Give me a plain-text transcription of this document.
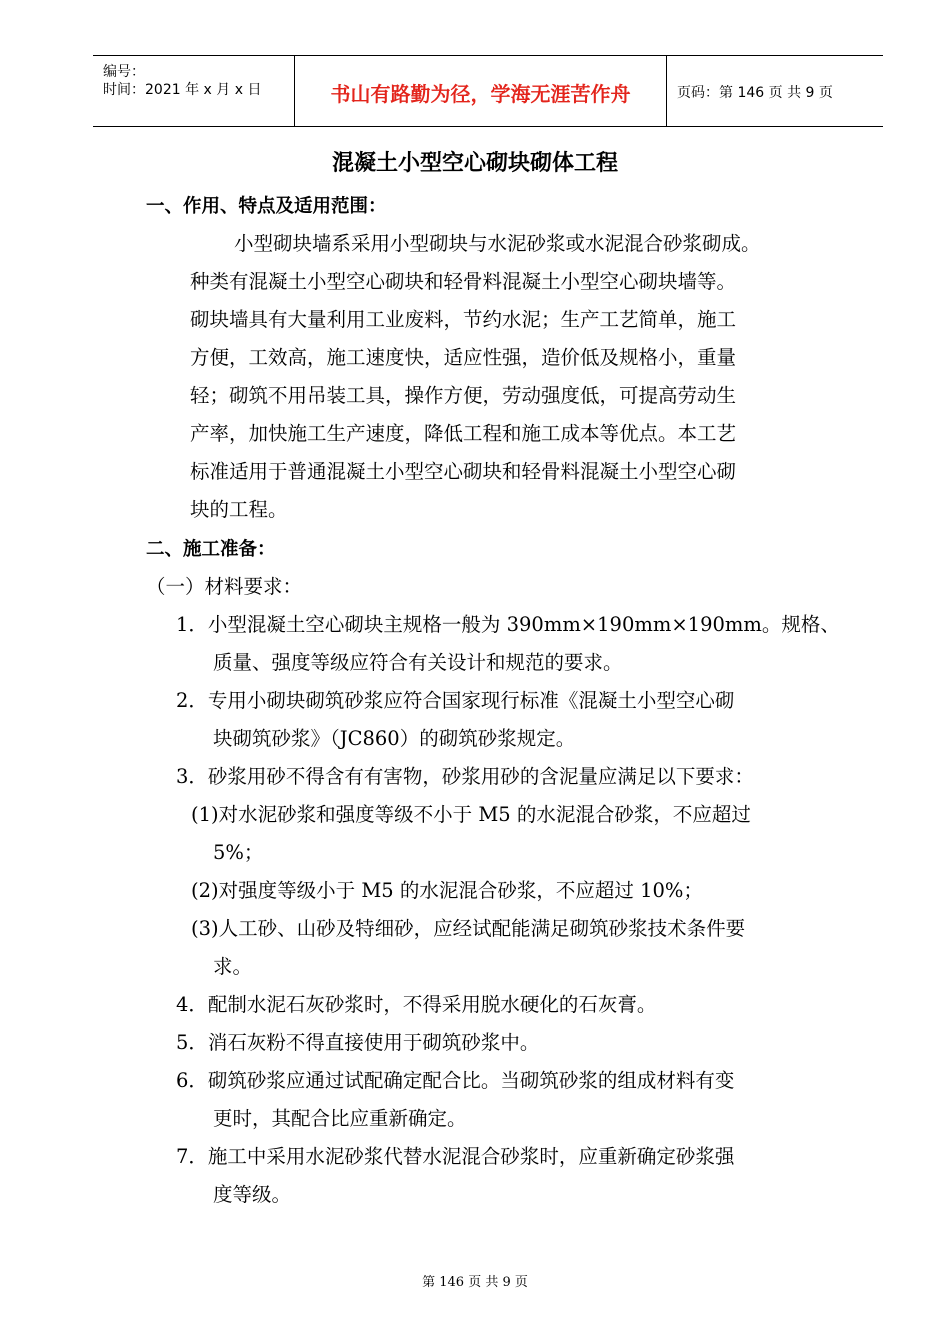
编号：
时间：2021 年 x 月 x 日	书山有路勤为径，学海无涯苦作舟	页码：第 146 页 共 9 页
混凝土小型空心砌块砌体工程
一、作用、特点及适用范围：
小型砌块墙系采用小型砌块与水泥砂浆或水泥混合砂浆砌成。
种类有混凝土小型空心砌块和轻骨料混凝土小型空心砌块墙等。
砌块墙具有大量利用工业废料，节约水泥；生产工艺简单，施工
方便，工效高，施工速度快，适应性强，造价低及规格小，重量
轻；砌筑不用吊装工具，操作方便，劳动强度低，可提高劳动生
产率，加快施工生产速度，降低工程和施工成本等优点。本工艺
标准适用于普通混凝土小型空心砌块和轻骨料混凝土小型空心砌
块的工程。
二、施工准备：
（一）材料要求：
1．小型混凝土空心砌块主规格一般为 390mm×190mm×190mm。规格、
质量、强度等级应符合有关设计和规范的要求。
2．专用小砌块砌筑砂浆应符合国家现行标准《混凝土小型空心砌
块砌筑砂浆》（JC860）的砌筑砂浆规定。
3．砂浆用砂不得含有有害物，砂浆用砂的含泥量应满足以下要求：
(1)对水泥砂浆和强度等级不小于 M5 的水泥混合砂浆，不应超过
5%；
(2)对强度等级小于 M5 的水泥混合砂浆，不应超过 10%；
(3)人工砂、山砂及特细砂，应经试配能满足砌筑砂浆技术条件要
求。
4．配制水泥石灰砂浆时，不得采用脱水硬化的石灰膏。
5．消石灰粉不得直接使用于砌筑砂浆中。
6．砌筑砂浆应通过试配确定配合比。当砌筑砂浆的组成材料有变
更时，其配合比应重新确定。
7．施工中采用水泥砂浆代替水泥混合砂浆时，应重新确定砂浆强
度等级。
第 146 页 共 9 页
